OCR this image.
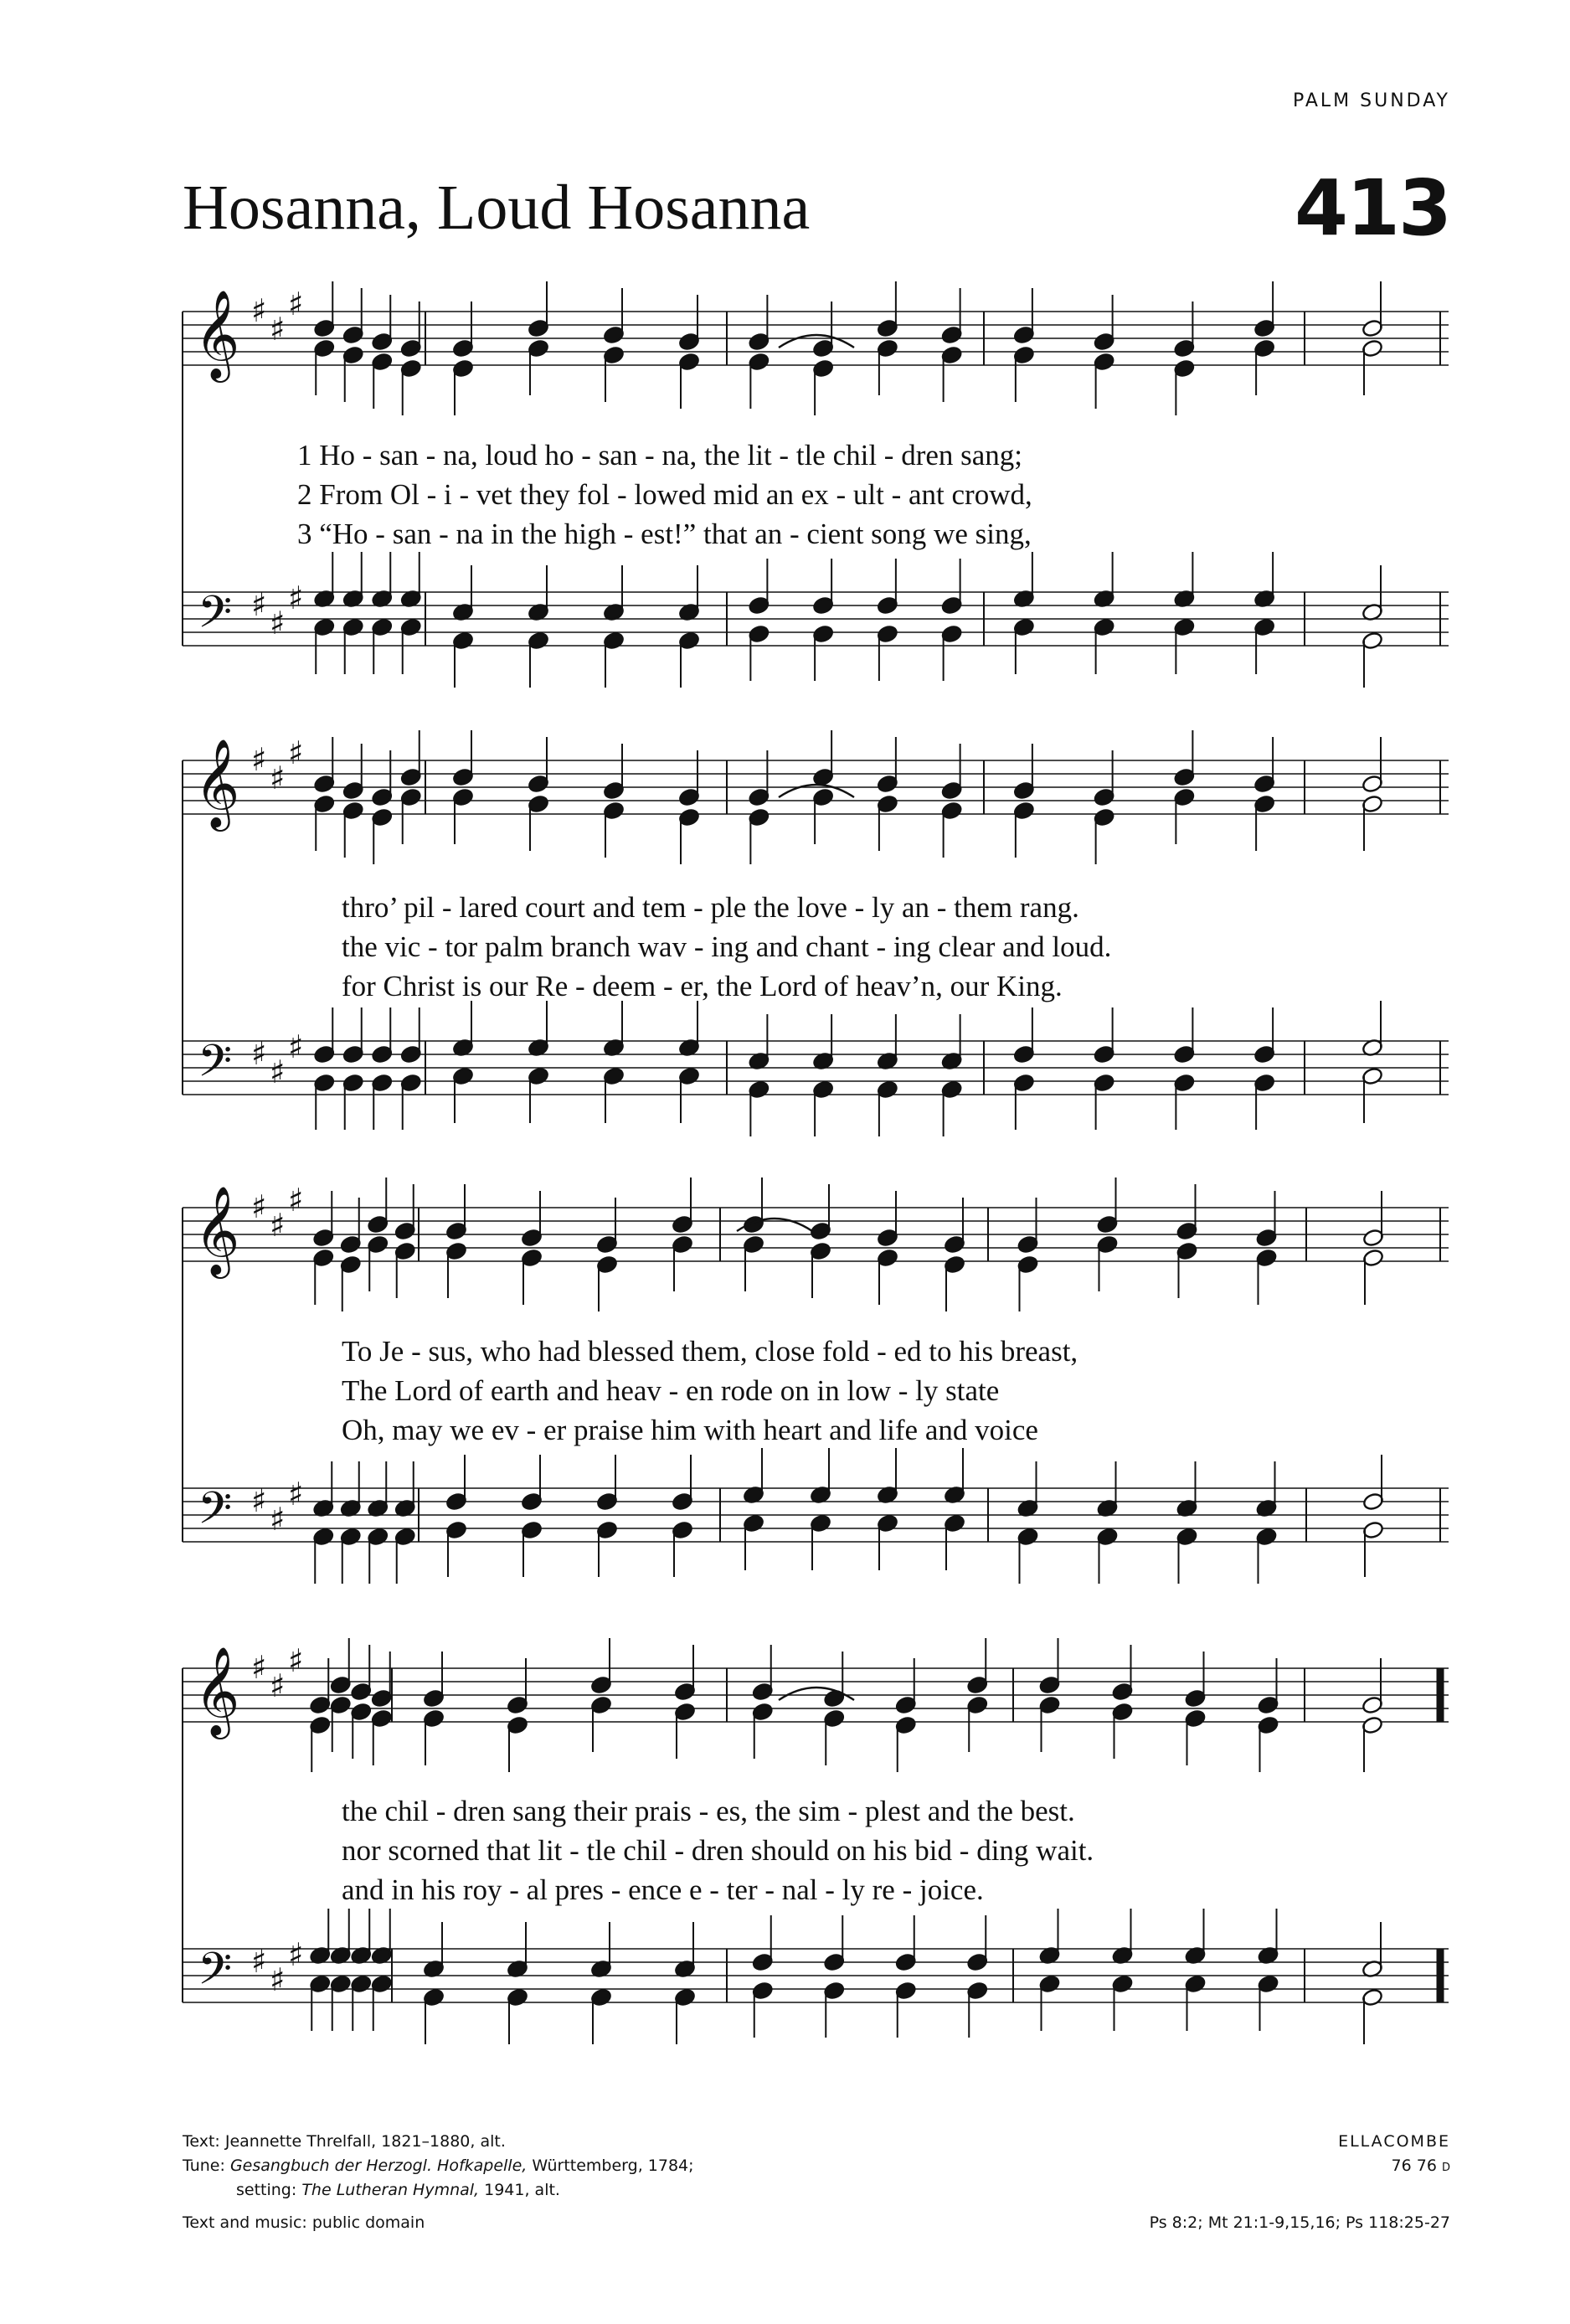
PALM SUNDAY
Hosanna, Loud Hosanna	413
𝄞
𝄢
♯ ♯
♯
♯ ♯
♯
𝄞
𝄢
♯ ♯
♯
♯ ♯
♯
𝄞
𝄢
♯ ♯
♯
♯ ♯
♯
𝄞
𝄢
♯ ♯
♯
♯ ♯
♯
1 Ho - san - na, loud ho - san - na, the lit - tle chil - dren sang;
2 From Ol - i - vet they fol - lowed mid an ex - ult - ant crowd,
3 “Ho - san - na in the high - est!” that an - cient song we sing,
thro’ pil - lared court and tem - ple the love - ly an - them rang.
the vic - tor palm branch wav - ing and chant - ing clear and loud.
for Christ is our Re - deem - er, the Lord of heav’n, our King.
To Je - sus, who had blessed them, close fold - ed to his breast,
The Lord of earth and heav - en rode on in low - ly state
Oh, may we ev - er praise him with heart and life and voice
the chil - dren sang their prais - es, the sim - plest and the best.
nor scorned that lit - tle chil - dren should on his bid - ding wait.
and in his roy - al pres - ence e - ter - nal - ly re - joice.
Text: Jeannette Threlfall, 1821–1880, alt.
Tune: Gesangbuch der Herzogl. Hofkapelle, Württemberg, 1784;
setting: The Lutheran Hymnal, 1941, alt.
Text and music: public domain
ELLACOMBE
76 76 d
Ps 8:2; Mt 21:1-9,15,16; Ps 118:25-27
